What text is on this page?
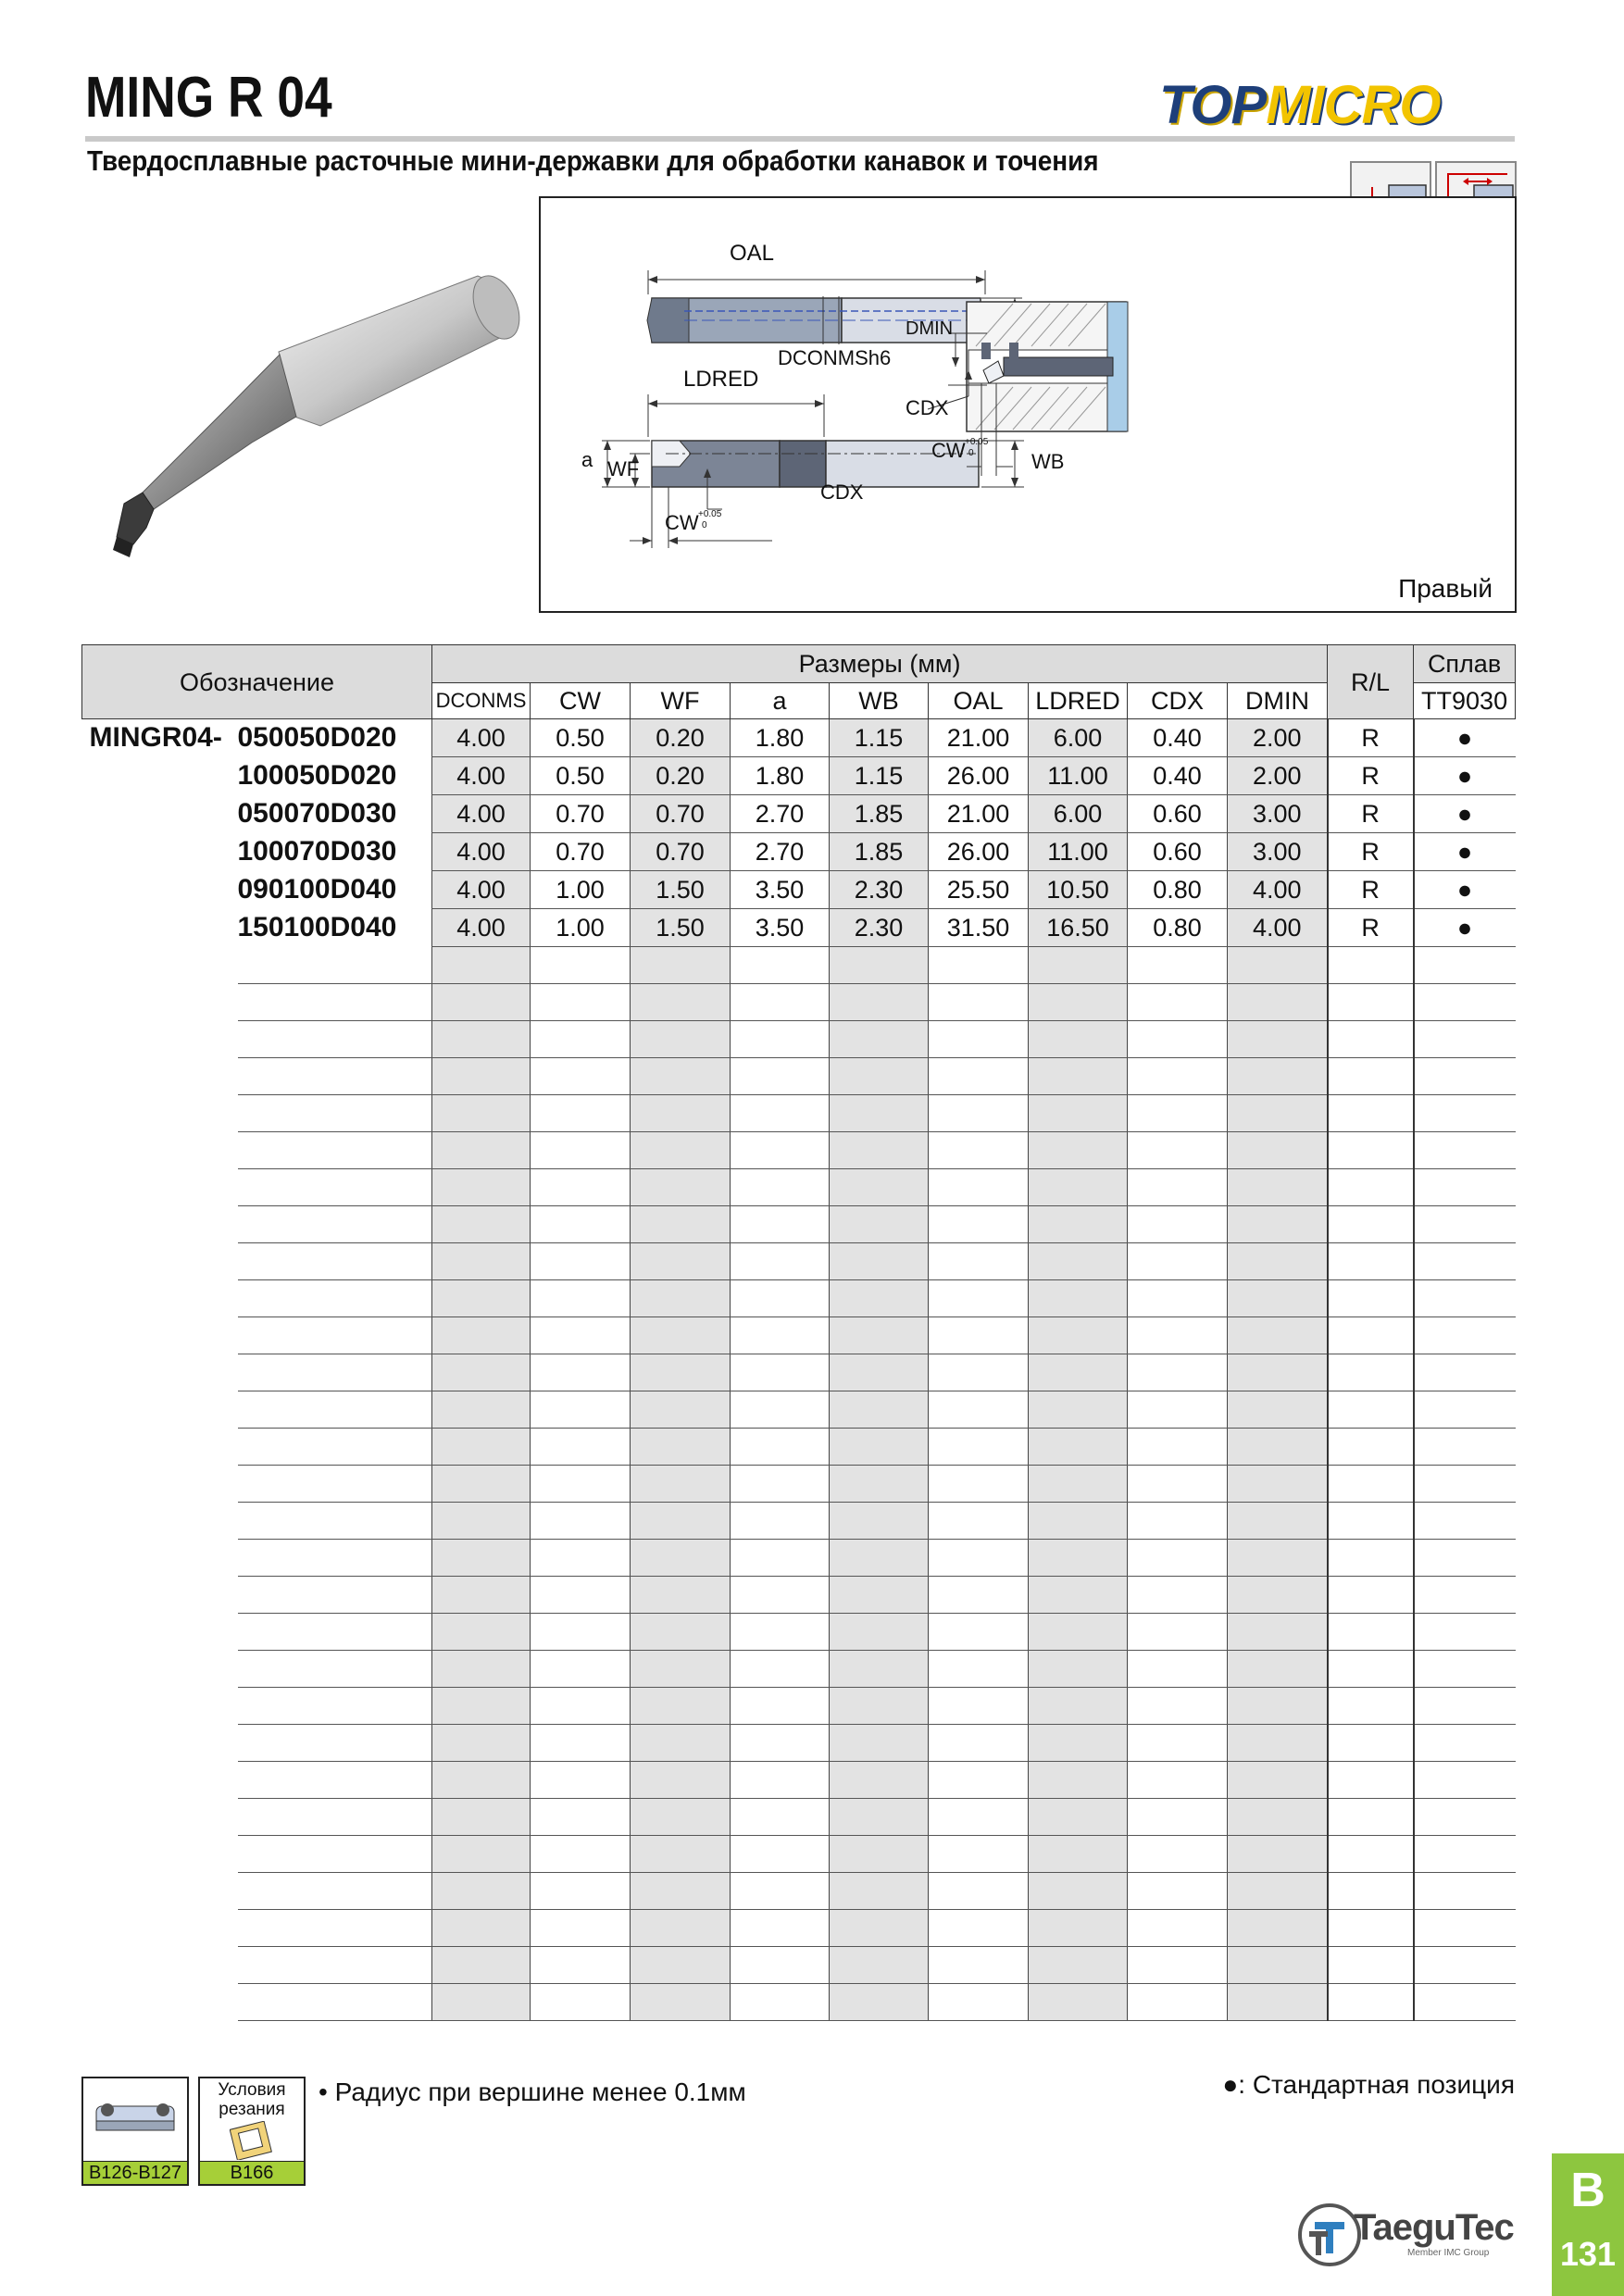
MING R 04	TOPMICRO
Твердосплавные расточные мини-державки для обработки канавок и точения
OAL
DCONMSh6
LDRED
a WF	WB
CDX
CW +0.05
0
DMIN
CDX
CW +0.05
0
Правый
Обозначение		Размеры (мм)									R/L	Сплав
		DCONMS	CW	WF	a	WB	OAL	LDRED	CDX	DMIN		TT9030
MINGR04-	050050D020	4.00	0.50	0.20	1.80	1.15	21.00	6.00	0.40	2.00	R	●
	100050D020	4.00	0.50	0.20	1.80	1.15	26.00	11.00	0.40	2.00	R	●
	050070D030	4.00	0.70	0.70	2.70	1.85	21.00	6.00	0.60	3.00	R	●
	100070D030	4.00	0.70	0.70	2.70	1.85	26.00	11.00	0.60	3.00	R	●
	090100D040	4.00	1.00	1.50	3.50	2.30	25.50	10.50	0.80	4.00	R	●
	150100D040	4.00	1.00	1.50	3.50	2.30	31.50	16.50	0.80	4.00	R	●

B126-B127
Условия резания
B166
• Радиус при вершине менее 0.1мм	●: Стандартная позиция
TaeguTec
Member IMC Group
B
131
